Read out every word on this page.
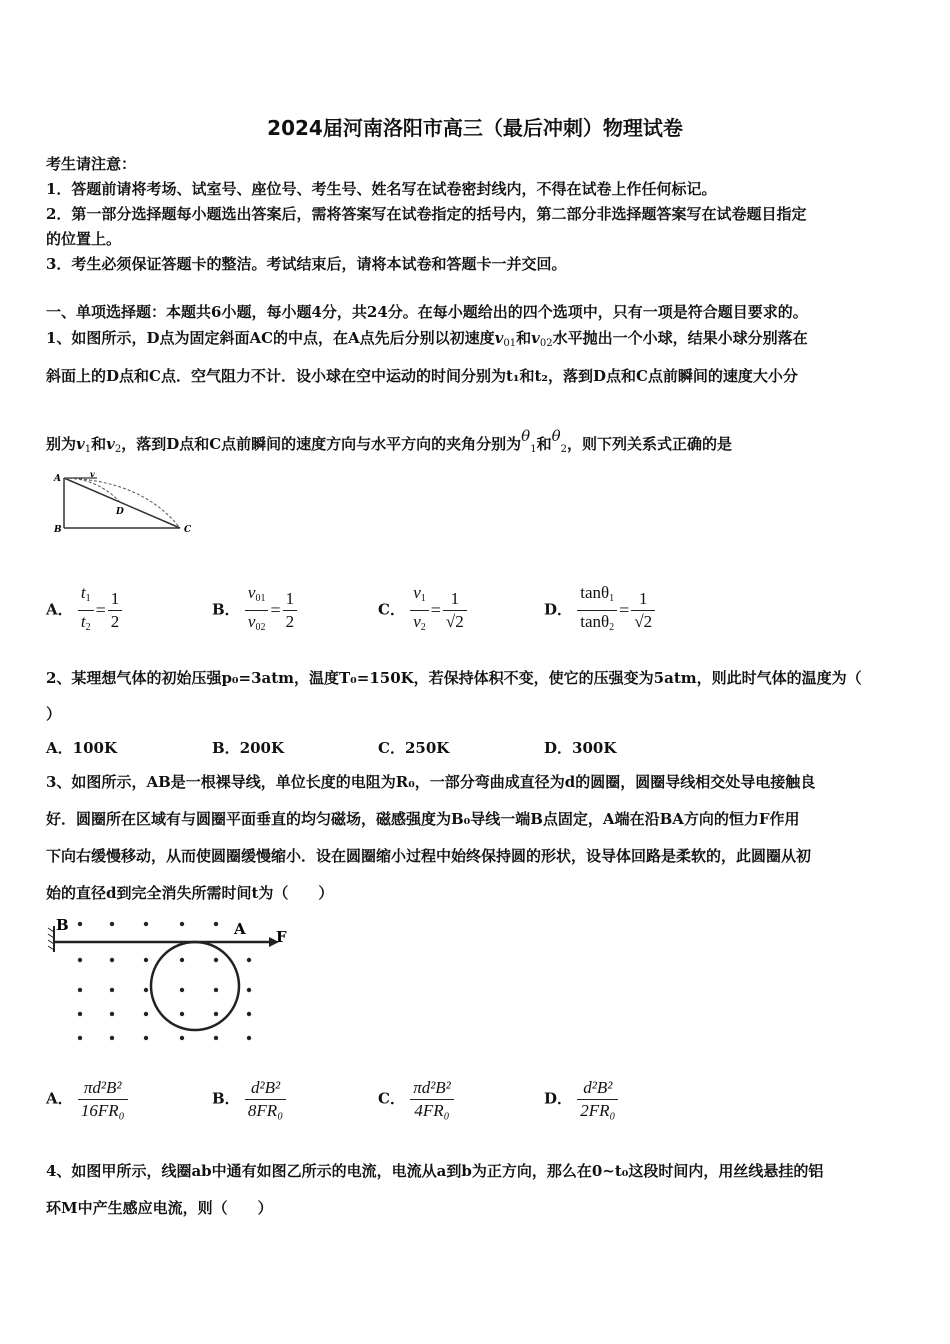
2024届河南洛阳市高三（最后冲刺）物理试卷
考生请注意：
1．答题前请将考场、试室号、座位号、考生号、姓名写在试卷密封线内，不得在试卷上作任何标记。
2．第一部分选择题每小题选出答案后，需将答案写在试卷指定的括号内，第二部分非选择题答案写在试卷题目指定
的位置上。
3．考生必须保证答题卡的整洁。考试结束后，请将本试卷和答题卡一并交回。
一、单项选择题：本题共6小题，每小题4分，共24分。在每小题给出的四个选项中，只有一项是符合题目要求的。
1、如图所示，D点为固定斜面AC的中点，在A点先后分别以初速度$v_{01}$和$v_{02}$水平抛出一个小球，结果小球分别落在
斜面上的D点和C点．空气阻力不计．设小球在空中运动的时间分别为t₁和t₂，落到D点和C点前瞬间的速度大小分
别为$v_1$和$v_2$，落到D点和C点前瞬间的速度方向与水平方向的夹角分别为$\theta_1$和$\theta_2$，则下列关系式正确的是
A	v
D
B	C
A． $\frac{t_1}{t_2} = \frac{1}{2}$	B． $\frac{v_{01}}{v_{02}} = \frac{1}{2}$	C． $\frac{v_1}{v_2} = \frac{1}{√2}$	D． $\frac{\tan\theta_1}{\tan\theta_2} = \frac{1}{√2}$
2、某理想气体的初始压强p₀=3atm，温度T₀=150K，若保持体积不变，使它的压强变为5atm，则此时气体的温度为（
）
A．100K	B．200K	C．250K	D．300K
3、如图所示，AB是一根裸导线，单位长度的电阻为R₀，一部分弯曲成直径为d的圆圈，圆圈导线相交处导电接触良
好．圆圈所在区域有与圆圈平面垂直的均匀磁场，磁感强度为B₀导线一端B点固定，A端在沿BA方向的恒力F作用
下向右缓慢移动，从而使圆圈缓慢缩小．设在圆圈缩小过程中始终保持圆的形状，设导体回路是柔软的，此圆圈从初
始的直径d到完全消失所需时间t为（　　）
B	A F
A． $\frac{\text{πd²B²}}{\text{16FR₀}}$	B． $\frac{\text{d²B²}}{\text{8FR₀}}$	C． $\frac{\text{πd²B²}}{\text{4FR₀}}$	D． $\frac{\text{d²B²}}{\text{2FR₀}}$
4、如图甲所示，线圈ab中通有如图乙所示的电流，电流从a到b为正方向，那么在0~t₀这段时间内，用丝线悬挂的铝
环M中产生感应电流，则（　　）
